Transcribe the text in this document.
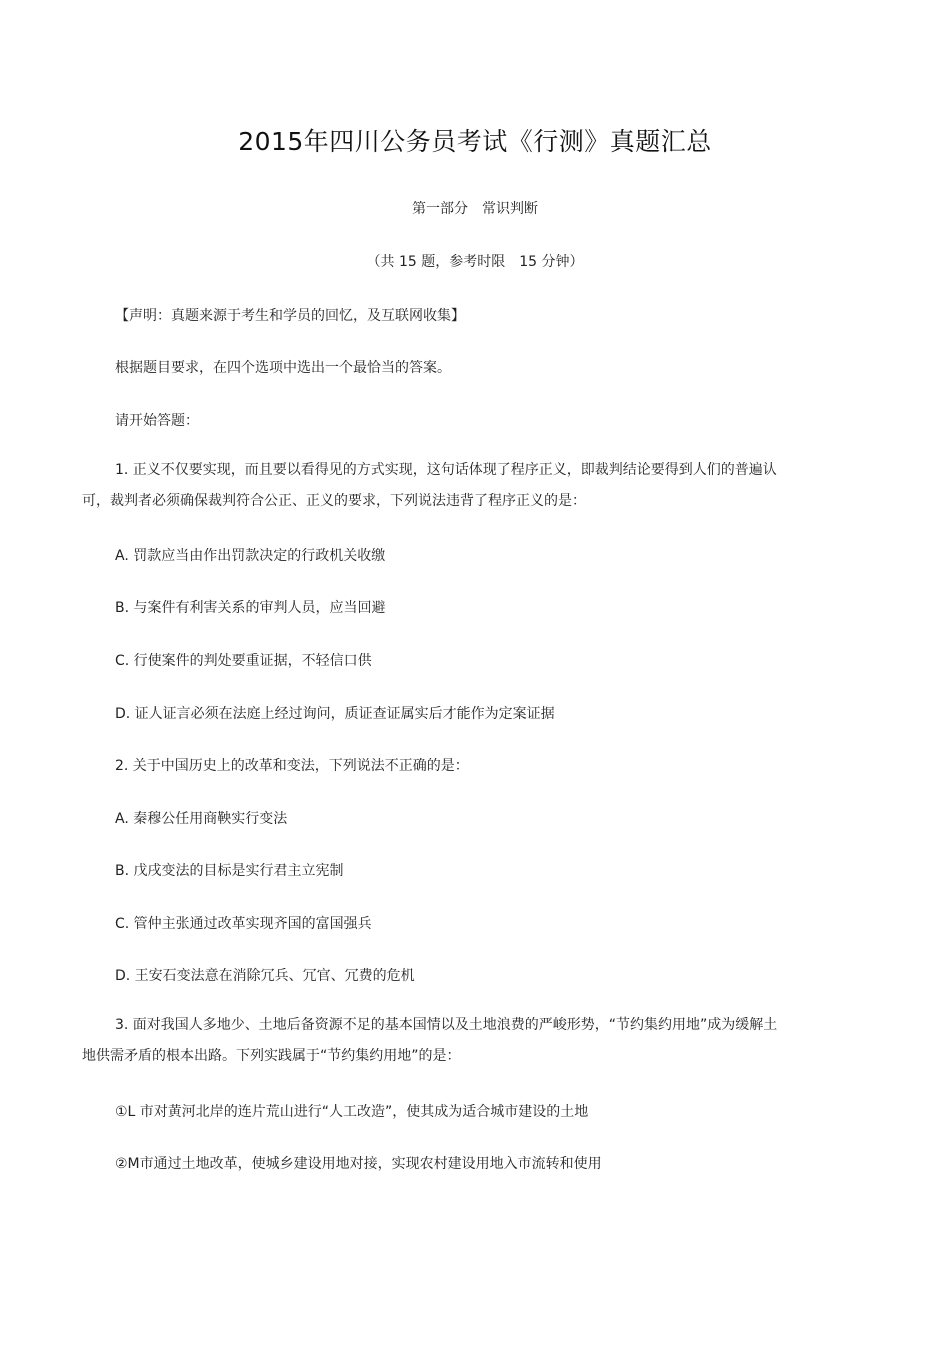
2015年四川公务员考试《行测》真题汇总
第一部分　常识判断
（共 15 题，参考时限　15 分钟）
【声明：真题来源于考生和学员的回忆，及互联网收集】
根据题目要求，在四个选项中选出一个最恰当的答案。
请开始答题：
1. 正义不仅要实现，而且要以看得见的方式实现，这句话体现了程序正义，即裁判结论要得到人们的普遍认可，裁判者必须确保裁判符合公正、正义的要求，下列说法违背了程序正义的是：
A. 罚款应当由作出罚款决定的行政机关收缴
B. 与案件有利害关系的审判人员，应当回避
C. 行使案件的判处要重证据，不轻信口供
D. 证人证言必须在法庭上经过询问，质证查证属实后才能作为定案证据
2. 关于中国历史上的改革和变法，下列说法不正确的是：
A. 秦穆公任用商鞅实行变法
B. 戊戌变法的目标是实行君主立宪制
C. 管仲主张通过改革实现齐国的富国强兵
D. 王安石变法意在消除冗兵、冗官、冗费的危机
3. 面对我国人多地少、土地后备资源不足的基本国情以及土地浪费的严峻形势，“节约集约用地”成为缓解土地供需矛盾的根本出路。下列实践属于“节约集约用地”的是：
①L 市对黄河北岸的连片荒山进行“人工改造”，使其成为适合城市建设的土地
②M市通过土地改革，使城乡建设用地对接，实现农村建设用地入市流转和使用
